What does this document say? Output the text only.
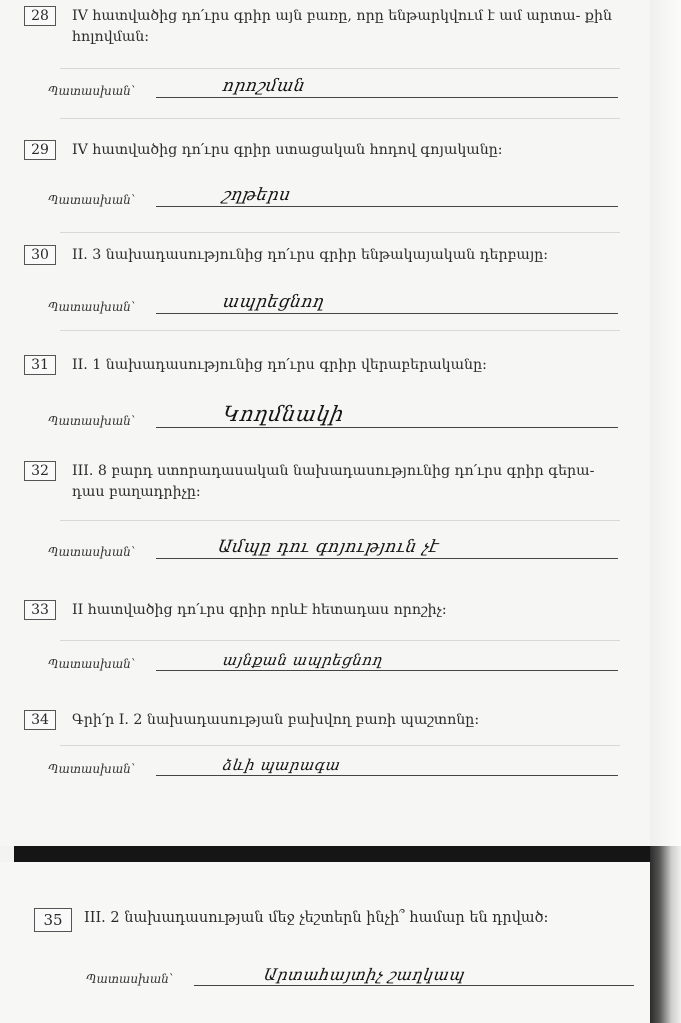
28	IV հատվածից դո՛ւրս գրիր այն բառը, որը ենթարկվում է ամ արտա- քին հոլովման:
Պատասխան՝	որոշման
29	IV հատվածից դո՛ւրս գրիր ստացական հոդով գոյականը:
Պատասխան՝	շղթերս
30	II. 3 նախադասությունից դո՛ւրս գրիր ենթակայական դերբայը:
Պատասխան՝	ապրեցնող
31	II. 1 նախադասությունից դո՛ւրս գրիր վերաբերականը:
Պատասխան՝	Կողմնակի
32	III. 8 բարդ ստորադասական նախադասությունից դո՛ւրս գրիր գերա- դաս բաղադրիչը:
Պատասխան՝	Ամպը դու գոյություն չէ
33	II հատվածից դո՛ւրս գրիր որևէ հետադաս որոշիչ:
Պատասխան՝	այնքան ապրեցնող
34	Գրի՛ր I. 2 նախադասության բախվող բառի պաշտոնը:
Պատասխան՝	ձևի պարագա
35	III. 2 նախադասության մեջ չեշտերն ինչի՞ համար են դրված:
Պատասխան՝	Արտահայտիչ շաղկապ
